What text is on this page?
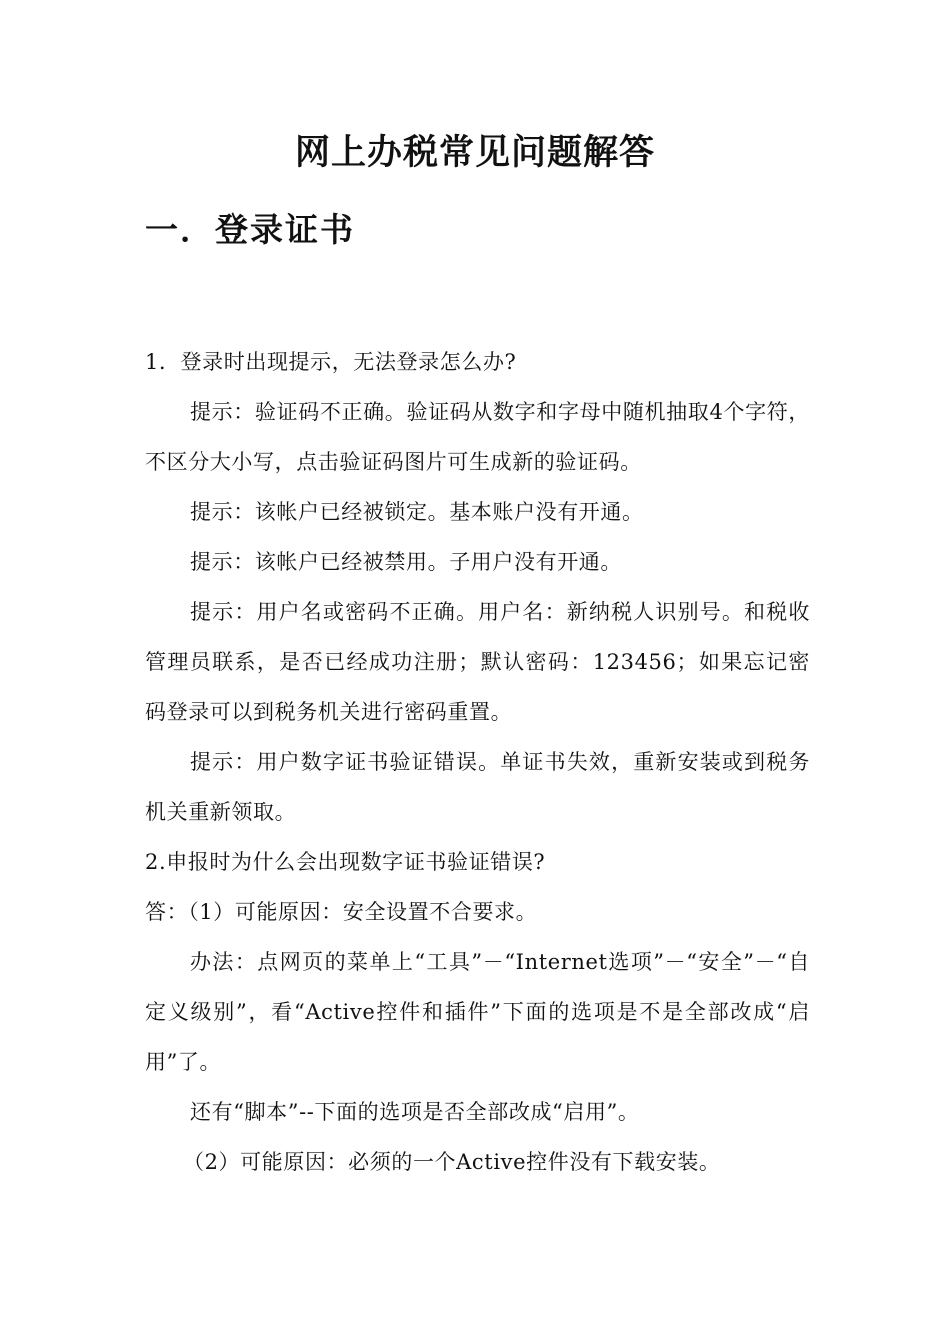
网上办税常见问题解答
一．登录证书

1．登录时出现提示，无法登录怎么办?

提示：验证码不正确。验证码从数字和字母中随机抽取4个字符，不区分大小写，点击验证码图片可生成新的验证码。

提示：该帐户已经被锁定。基本账户没有开通。

提示：该帐户已经被禁用。子用户没有开通。

提示：用户名或密码不正确。用户名：新纳税人识别号。和税收管理员联系，是否已经成功注册；默认密码：123456；如果忘记密码登录可以到税务机关进行密码重置。

提示：用户数字证书验证错误。单证书失效，重新安装或到税务机关重新领取。

2.申报时为什么会出现数字证书验证错误?

答：（1）可能原因：安全设置不合要求。

办法：点网页的菜单上“工具”－“Internet选项”－“安全”－“自定义级别”，看“Active控件和插件”下面的选项是不是全部改成“启用”了。

还有“脚本”--下面的选项是否全部改成“启用”。

（2）可能原因：必须的一个Active控件没有下载安装。
